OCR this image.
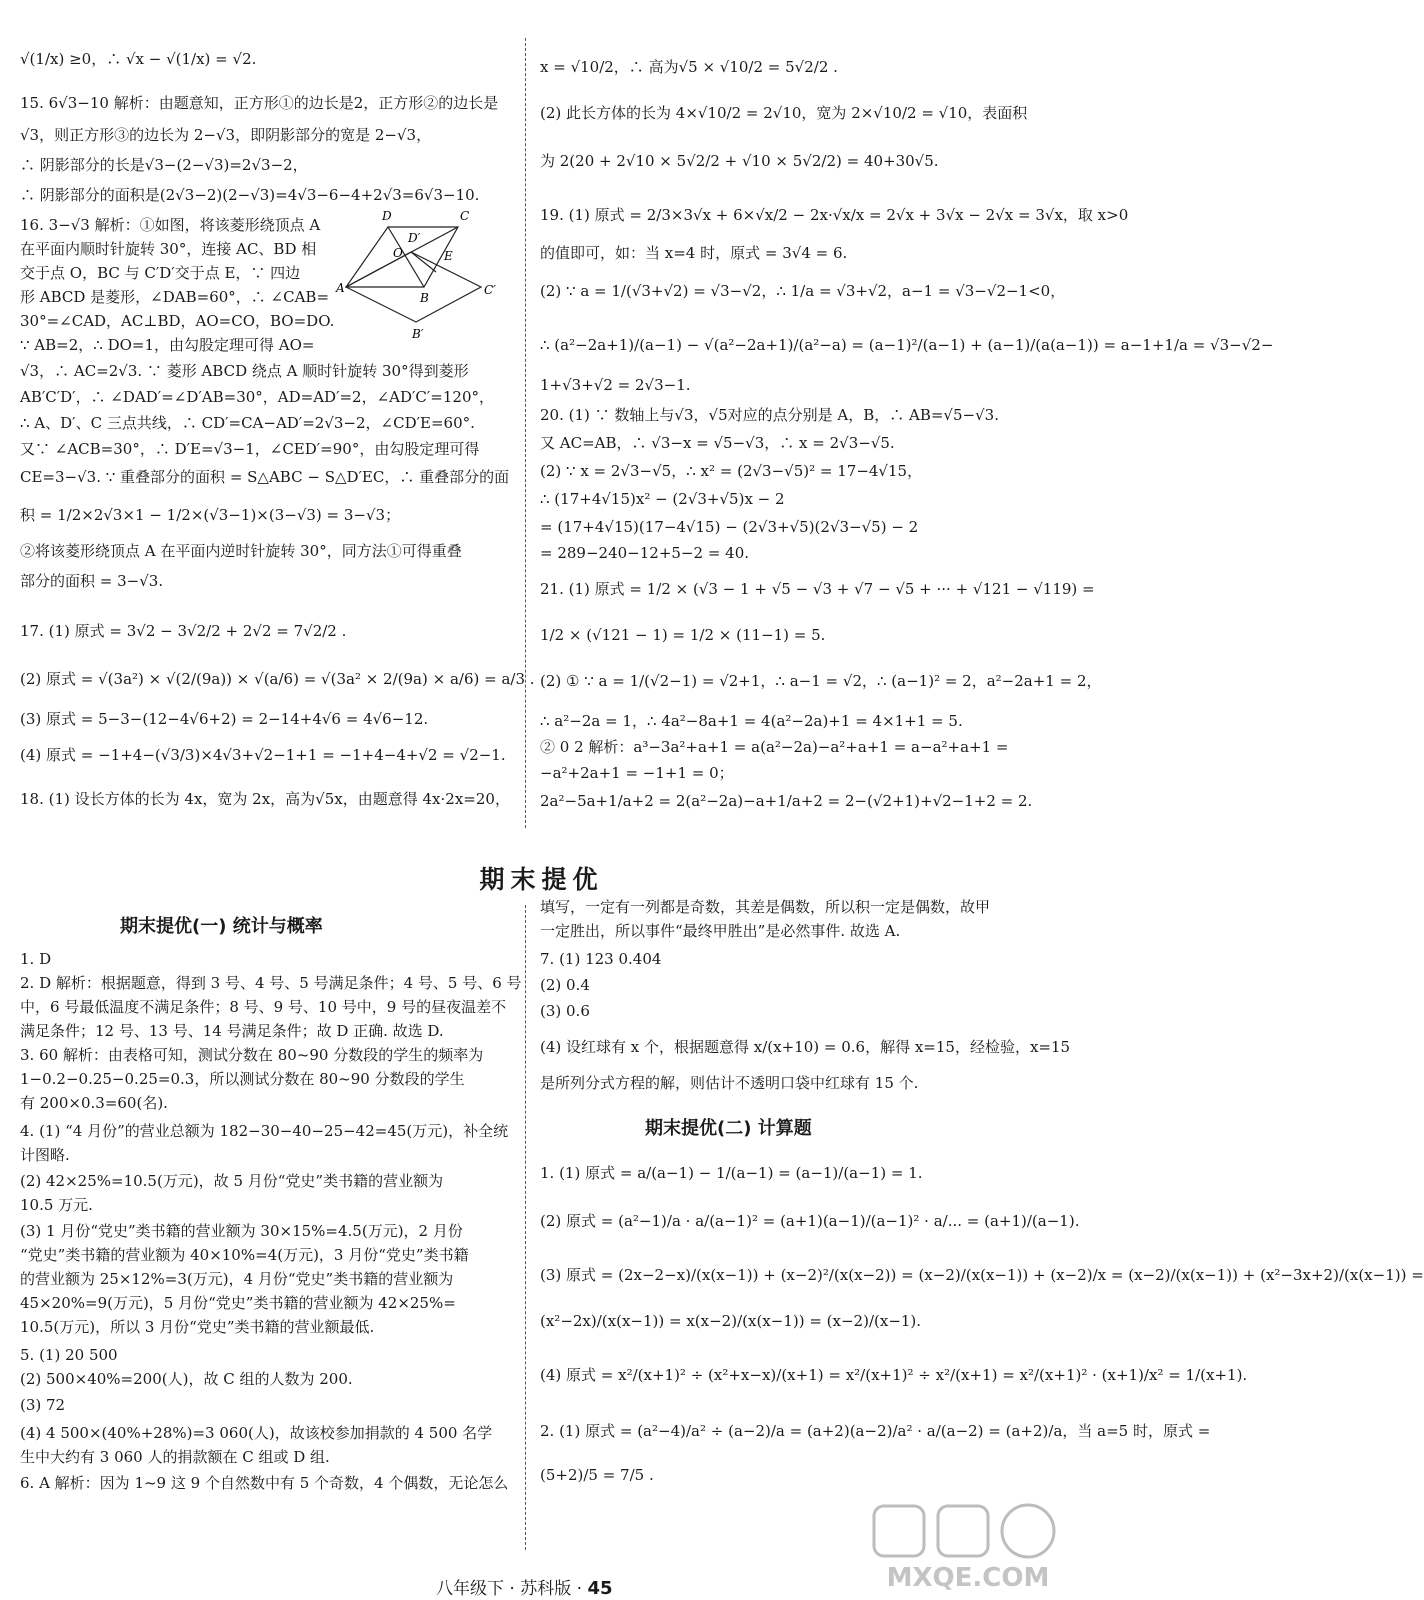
√(1/x) ≥0，∴ √x − √(1/x) = √2.
15. 6√3−10 解析：由题意知，正方形①的边长是2，正方形②的边长是
√3，则正方形③的边长为 2−√3，即阴影部分的宽是 2−√3，
∴ 阴影部分的长是√3−(2−√3)=2√3−2，
∴ 阴影部分的面积是(2√3−2)(2−√3)=4√3−6−4+2√3=6√3−10.
16. 3−√3 解析：①如图，将该菱形绕顶点 A
在平面内顺时针旋转 30°，连接 AC、BD 相
交于点 O，BC 与 C′D′交于点 E，∵ 四边
形 ABCD 是菱形，∠DAB=60°，∴ ∠CAB=
30°=∠CAD，AC⊥BD，AO=CO，BO=DO.
∵ AB=2，∴ DO=1，由勾股定理可得 AO=
√3，∴ AC=2√3. ∵ 菱形 ABCD 绕点 A 顺时针旋转 30°得到菱形
AB′C′D′，∴ ∠DAD′=∠D′AB=30°，AD=AD′=2，∠AD′C′=120°，
∴ A、D′、C 三点共线，∴ CD′=CA−AD′=2√3−2，∠CD′E=60°.
又∵ ∠ACB=30°，∴ D′E=√3−1，∠CED′=90°，由勾股定理可得
CE=3−√3. ∵ 重叠部分的面积 = S△ABC − S△D′EC，∴ 重叠部分的面
积 = 1/2×2√3×1 − 1/2×(√3−1)×(3−√3) = 3−√3；
②将该菱形绕顶点 A 在平面内逆时针旋转 30°，同方法①可得重叠
部分的面积 = 3−√3.
17. (1) 原式 = 3√2 − 3√2/2 + 2√2 = 7√2/2 .
(2) 原式 = √(3a²) × √(2/(9a)) × √(a/6) = √(3a² × 2/(9a) × a/6) = a/3 .
(3) 原式 = 5−3−(12−4√6+2) = 2−14+4√6 = 4√6−12.
(4) 原式 = −1+4−(√3/3)×4√3+√2−1+1 = −1+4−4+√2 = √2−1.
18. (1) 设长方体的长为 4x，宽为 2x，高为√5x，由题意得 4x·2x=20，
D	C
D′
O	E
A
B
C′
B′
x = √10/2，∴ 高为√5 × √10/2 = 5√2/2 .
(2) 此长方体的长为 4×√10/2 = 2√10，宽为 2×√10/2 = √10，表面积
为 2(20 + 2√10 × 5√2/2 + √10 × 5√2/2) = 40+30√5.
19. (1) 原式 = 2/3×3√x + 6×√x/2 − 2x·√x/x = 2√x + 3√x − 2√x = 3√x，取 x>0
的值即可，如：当 x=4 时，原式 = 3√4 = 6.
(2) ∵ a = 1/(√3+√2) = √3−√2，∴ 1/a = √3+√2，a−1 = √3−√2−1<0，
∴ (a²−2a+1)/(a−1) − √(a²−2a+1)/(a²−a) = (a−1)²/(a−1) + (a−1)/(a(a−1)) = a−1+1/a = √3−√2−
1+√3+√2 = 2√3−1.
20. (1) ∵ 数轴上与√3，√5对应的点分别是 A，B，∴ AB=√5−√3.
又 AC=AB，∴ √3−x = √5−√3，∴ x = 2√3−√5.
(2) ∵ x = 2√3−√5，∴ x² = (2√3−√5)² = 17−4√15，
∴ (17+4√15)x² − (2√3+√5)x − 2
= (17+4√15)(17−4√15) − (2√3+√5)(2√3−√5) − 2
= 289−240−12+5−2 = 40.
21. (1) 原式 = 1/2 × (√3 − 1 + √5 − √3 + √7 − √5 + ··· + √121 − √119) =
1/2 × (√121 − 1) = 1/2 × (11−1) = 5.
(2) ① ∵ a = 1/(√2−1) = √2+1，∴ a−1 = √2，∴ (a−1)² = 2，a²−2a+1 = 2，
∴ a²−2a = 1，∴ 4a²−8a+1 = 4(a²−2a)+1 = 4×1+1 = 5.
② 0 2 解析：a³−3a²+a+1 = a(a²−2a)−a²+a+1 = a−a²+a+1 =
−a²+2a+1 = −1+1 = 0；
2a²−5a+1/a+2 = 2(a²−2a)−a+1/a+2 = 2−(√2+1)+√2−1+2 = 2.
期末提优
期末提优(一) 统计与概率
1. D
2. D 解析：根据题意，得到 3 号、4 号、5 号满足条件；4 号、5 号、6 号
中，6 号最低温度不满足条件；8 号、9 号、10 号中，9 号的昼夜温差不
满足条件；12 号、13 号、14 号满足条件；故 D 正确. 故选 D.
3. 60 解析：由表格可知，测试分数在 80~90 分数段的学生的频率为
1−0.2−0.25−0.25=0.3，所以测试分数在 80~90 分数段的学生
有 200×0.3=60(名).
4. (1) “4 月份”的营业总额为 182−30−40−25−42=45(万元)，补全统
计图略.
(2) 42×25%=10.5(万元)，故 5 月份“党史”类书籍的营业额为
10.5 万元.
(3) 1 月份“党史”类书籍的营业额为 30×15%=4.5(万元)，2 月份
“党史”类书籍的营业额为 40×10%=4(万元)，3 月份“党史”类书籍
的营业额为 25×12%=3(万元)，4 月份“党史”类书籍的营业额为
45×20%=9(万元)，5 月份“党史”类书籍的营业额为 42×25%=
10.5(万元)，所以 3 月份“党史”类书籍的营业额最低.
5. (1) 20 500
(2) 500×40%=200(人)，故 C 组的人数为 200.
(3) 72
(4) 4 500×(40%+28%)=3 060(人)，故该校参加捐款的 4 500 名学
生中大约有 3 060 人的捐款额在 C 组或 D 组.
6. A 解析：因为 1~9 这 9 个自然数中有 5 个奇数，4 个偶数，无论怎么
填写，一定有一列都是奇数，其差是偶数，所以积一定是偶数，故甲
一定胜出，所以事件“最终甲胜出”是必然事件. 故选 A.
7. (1) 123 0.404
(2) 0.4
(3) 0.6
(4) 设红球有 x 个，根据题意得 x/(x+10) = 0.6，解得 x=15，经检验，x=15
是所列分式方程的解，则估计不透明口袋中红球有 15 个.
期末提优(二) 计算题
1. (1) 原式 = a/(a−1) − 1/(a−1) = (a−1)/(a−1) = 1.
(2) 原式 = (a²−1)/a · a/(a−1)² = (a+1)(a−1)/(a−1)² · a/... = (a+1)/(a−1).
(3) 原式 = (2x−2−x)/(x(x−1)) + (x−2)²/(x(x−2)) = (x−2)/(x(x−1)) + (x−2)/x = (x−2)/(x(x−1)) + (x²−3x+2)/(x(x−1)) =
(x²−2x)/(x(x−1)) = x(x−2)/(x(x−1)) = (x−2)/(x−1).
(4) 原式 = x²/(x+1)² ÷ (x²+x−x)/(x+1) = x²/(x+1)² ÷ x²/(x+1) = x²/(x+1)² · (x+1)/x² = 1/(x+1).
2. (1) 原式 = (a²−4)/a² ÷ (a−2)/a = (a+2)(a−2)/a² · a/(a−2) = (a+2)/a，当 a=5 时，原式 =
(5+2)/5 = 7/5 .
八年级下 · 苏科版 · 45	MXQE.COM
